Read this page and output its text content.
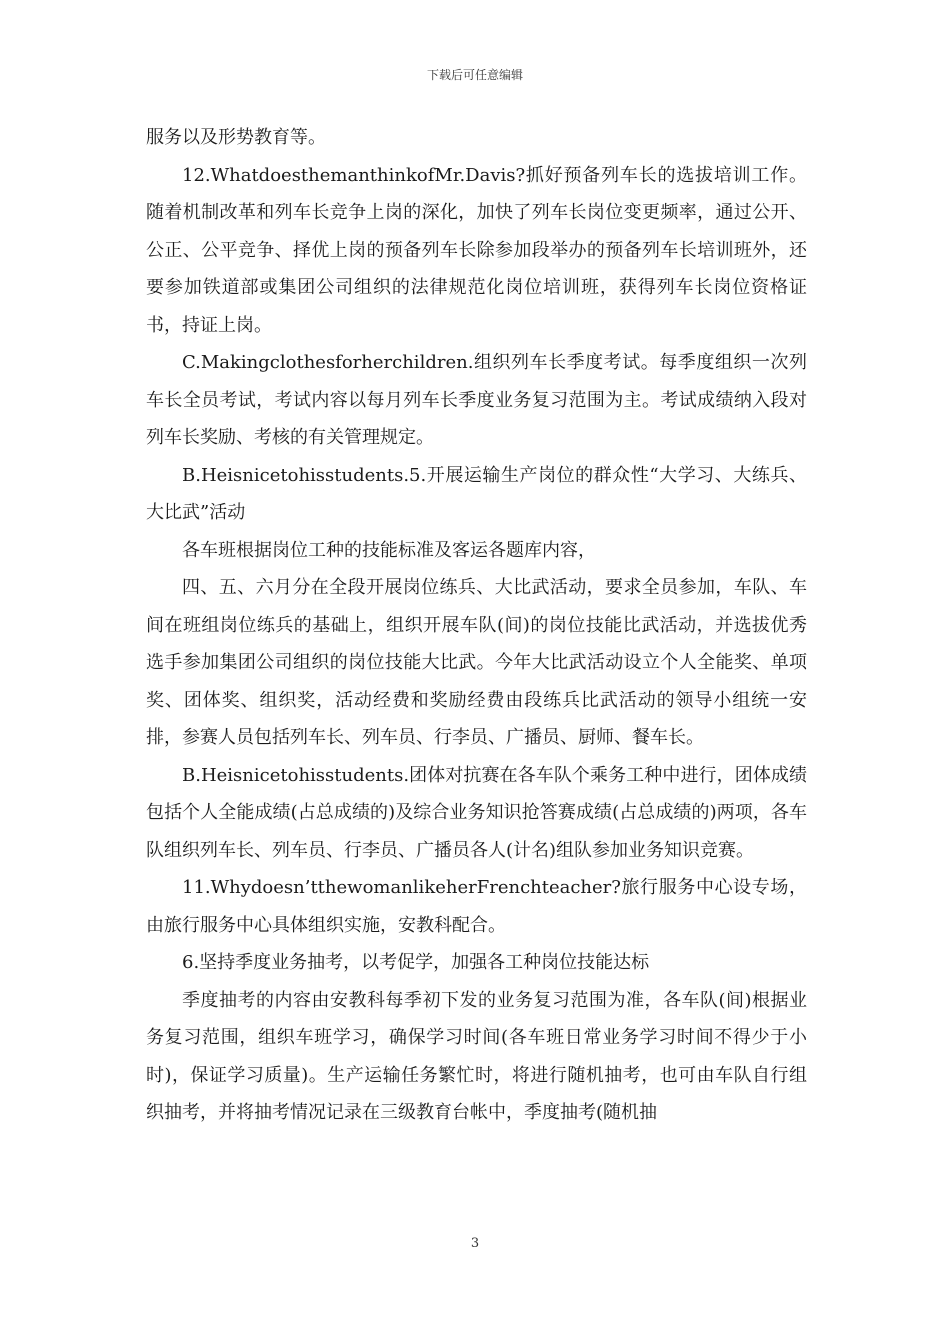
下载后可任意编辑

服务以及形势教育等。

12.WhatdoesthemanthinkofMr.Davis?抓好预备列车长的选拔培训工作。随着机制改革和列车长竞争上岗的深化，加快了列车长岗位变更频率，通过公开、公正、公平竞争、择优上岗的预备列车长除参加段举办的预备列车长培训班外，还要参加铁道部或集团公司组织的法律规范化岗位培训班，获得列车长岗位资格证书，持证上岗。

C.Makingclothesforherchildren.组织列车长季度考试。每季度组织一次列车长全员考试，考试内容以每月列车长季度业务复习范围为主。考试成绩纳入段对列车长奖励、考核的有关管理规定。

B.Heisnicetohisstudents.5.开展运输生产岗位的群众性“大学习、大练兵、大比武”活动

各车班根据岗位工种的技能标准及客运各题库内容，

四、五、六月分在全段开展岗位练兵、大比武活动，要求全员参加，车队、车间在班组岗位练兵的基础上，组织开展车队(间)的岗位技能比武活动，并选拔优秀选手参加集团公司组织的岗位技能大比武。今年大比武活动设立个人全能奖、单项奖、团体奖、组织奖，活动经费和奖励经费由段练兵比武活动的领导小组统一安排，参赛人员包括列车长、列车员、行李员、广播员、厨师、餐车长。

B.Heisnicetohisstudents.团体对抗赛在各车队个乘务工种中进行，团体成绩包括个人全能成绩(占总成绩的)及综合业务知识抢答赛成绩(占总成绩的)两项，各车队组织列车长、列车员、行李员、广播员各人(计名)组队参加业务知识竞赛。

11.Whydoesn’tthewomanlikeherFrenchteacher?旅行服务中心设专场，由旅行服务中心具体组织实施，安教科配合。

6.坚持季度业务抽考，以考促学，加强各工种岗位技能达标

季度抽考的内容由安教科每季初下发的业务复习范围为准，各车队(间)根据业务复习范围，组织车班学习，确保学习时间(各车班日常业务学习时间不得少于小时)，保证学习质量)。生产运输任务繁忙时，将进行随机抽考，也可由车队自行组织抽考，并将抽考情况记录在三级教育台帐中，季度抽考(随机抽

3
